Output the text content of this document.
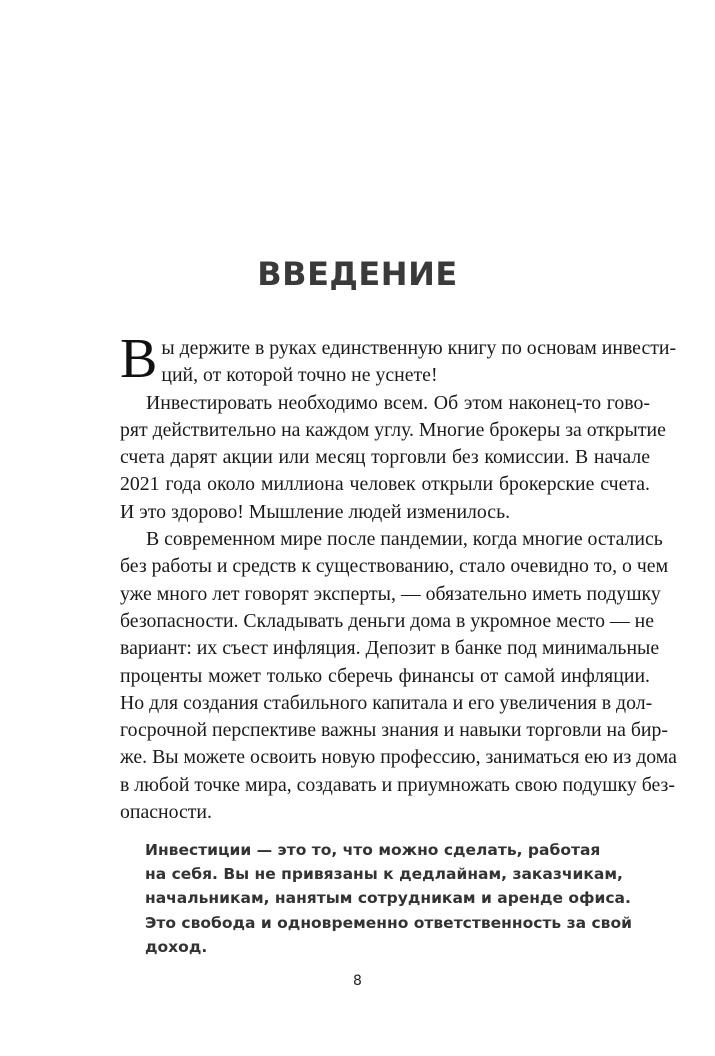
ВВЕДЕНИЕ
В ы держите в руках единственную книгу по основам инвести-
ций, от которой точно не уснете!
Инвестировать необходимо всем. Об этом наконец-то гово-
рят действительно на каждом углу. Многие брокеры за открытие
счета дарят акции или месяц торговли без комиссии. В начале
2021 года около миллиона человек открыли брокерские счета.
И это здорово! Мышление людей изменилось.
В современном мире после пандемии, когда многие остались
без работы и средств к существованию, стало очевидно то, о чем
уже много лет говорят эксперты, — обязательно иметь подушку
безопасности. Складывать деньги дома в укромное место — не
вариант: их съест инфляция. Депозит в банке под минимальные
проценты может только сберечь финансы от самой инфляции.
Но для создания стабильного капитала и его увеличения в дол-
госрочной перспективе важны знания и навыки торговли на бир-
же. Вы можете освоить новую профессию, заниматься ею из дома
в любой точке мира, создавать и приумножать свою подушку без-
опасности.
Инвестиции — это то, что можно сделать, работая
на себя. Вы не привязаны к дедлайнам, заказчикам,
начальникам, нанятым сотрудникам и аренде офиса.
Это свобода и одновременно ответственность за свой
доход.
8
